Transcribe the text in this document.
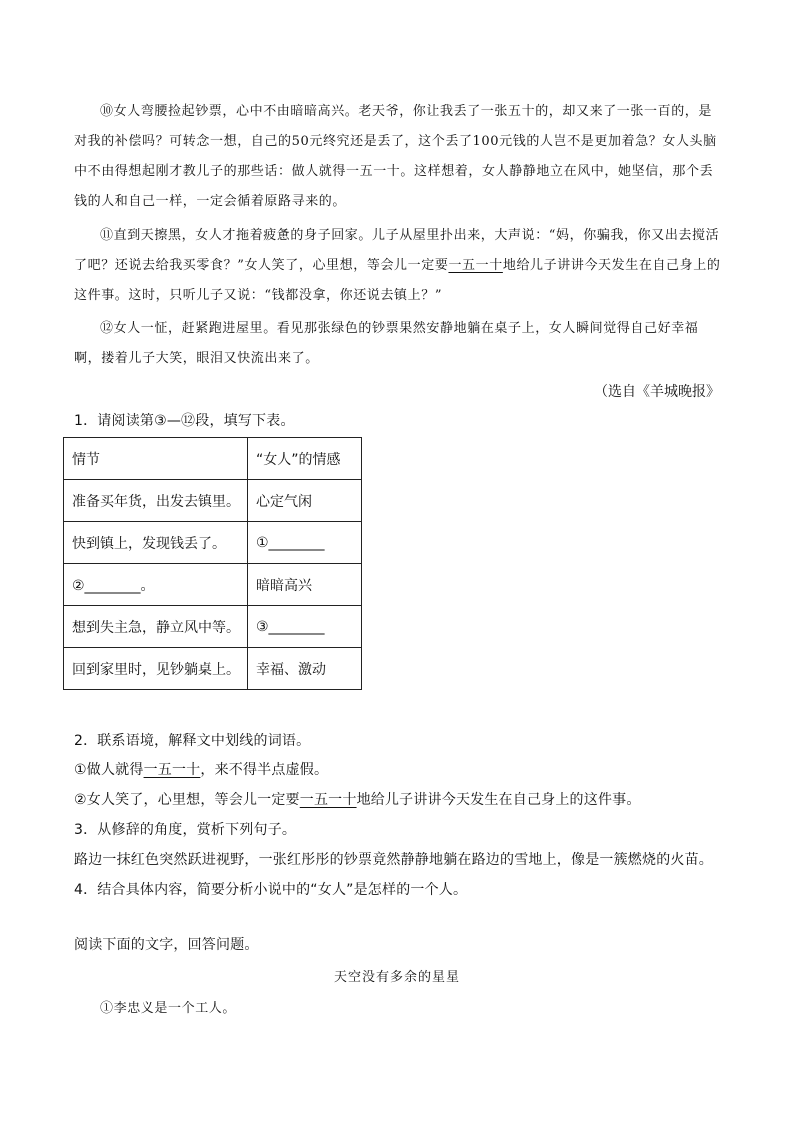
⑩女人弯腰捡起钞票，心中不由暗暗高兴。老天爷，你让我丢了一张五十的，却又来了一张一百的，是对我的补偿吗？可转念一想，自己的50元终究还是丢了，这个丢了100元钱的人岂不是更加着急？女人头脑中不由得想起刚才教儿子的那些话：做人就得一五一十。这样想着，女人静静地立在风中，她坚信，那个丢钱的人和自己一样，一定会循着原路寻来的。

⑪直到天擦黑，女人才拖着疲惫的身子回家。儿子从屋里扑出来，大声说：“妈，你骗我，你又出去搅活了吧？还说去给我买零食？”女人笑了，心里想，等会儿一定要一五一十地给儿子讲讲今天发生在自己身上的这件事。这时，只听儿子又说：“钱都没拿，你还说去镇上？”

⑫女人一怔，赶紧跑进屋里。看见那张绿色的钞票果然安静地躺在桌子上，女人瞬间觉得自己好幸福啊，搂着儿子大笑，眼泪又快流出来了。

（选自《羊城晚报》

1．请阅读第③—⑫段，填写下表。

情节	“女人”的情感
准备买年货，出发去镇里。	心定气闲
快到镇上，发现钱丢了。	①________
②________。	暗暗高兴
想到失主急，静立风中等。	③________
回到家里时，见钞躺桌上。	幸福、激动

2．联系语境，解释文中划线的词语。

①做人就得一五一十，来不得半点虚假。

②女人笑了，心里想，等会儿一定要一五一十地给儿子讲讲今天发生在自己身上的这件事。

3．从修辞的角度，赏析下列句子。

路边一抹红色突然跃进视野，一张红彤彤的钞票竟然静静地躺在路边的雪地上，像是一簇燃烧的火苗。

4．结合具体内容，简要分析小说中的“女人”是怎样的一个人。

阅读下面的文字，回答问题。

天空没有多余的星星

①李忠义是一个工人。
